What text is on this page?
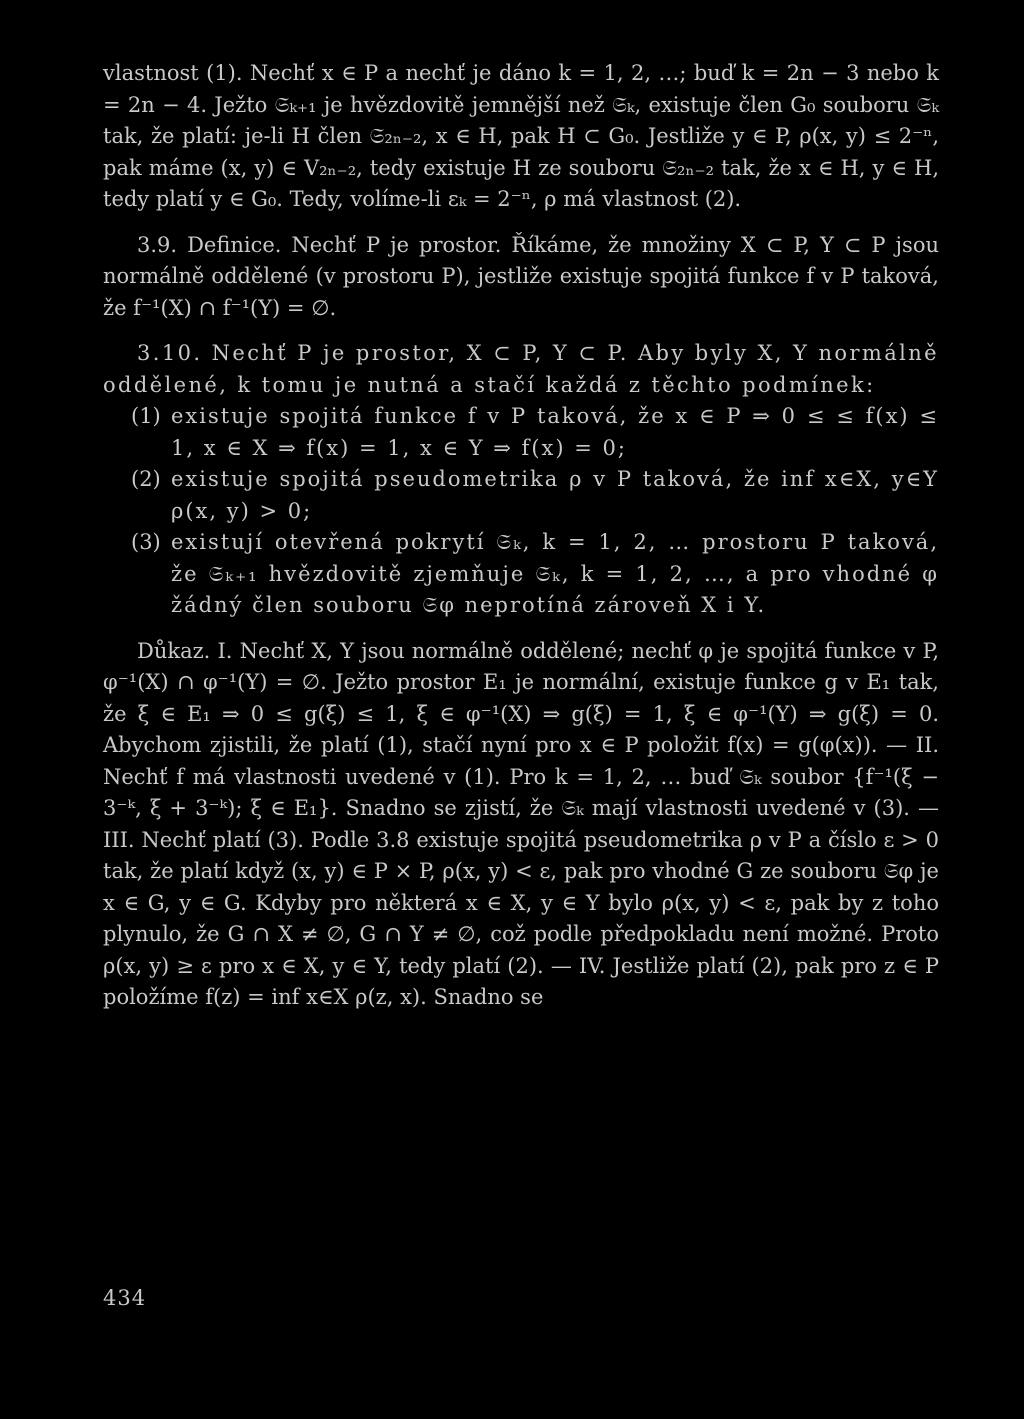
vlastnost (1). Nechť x ∈ P a nechť je dáno k = 1, 2, …; buď k = 2n − 3 nebo k = 2n − 4. Ježto 𝔖ₖ₊₁ je hvězdovitě jemnější než 𝔖ₖ, existuje člen G₀ souboru 𝔖ₖ tak, že platí: je-li H člen 𝔖₂ₙ₋₂, x ∈ H, pak H ⊂ G₀. Jestliže y ∈ P, ρ(x, y) ≤ 2⁻ⁿ, pak máme (x, y) ∈ V₂ₙ₋₂, tedy existuje H ze souboru 𝔖₂ₙ₋₂ tak, že x ∈ H, y ∈ H, tedy platí y ∈ G₀. Tedy, volíme-li εₖ = 2⁻ⁿ, ρ má vlastnost (2).

3.9. Definice. Nechť P je prostor. Říkáme, že množiny X ⊂ P, Y ⊂ P jsou normálně oddělené (v prostoru P), jestliže existuje spojitá funkce f v P taková, že f⁻¹(X) ∩ f⁻¹(Y) = ∅.

3.10. Nechť P je prostor, X ⊂ P, Y ⊂ P. Aby byly X, Y normálně oddělené, k tomu je nutná a stačí každá z těchto podmínek:

(1) existuje spojitá funkce f v P taková, že x ∈ P ⇒ 0 ≤ ≤ f(x) ≤ 1, x ∈ X ⇒ f(x) = 1, x ∈ Y ⇒ f(x) = 0;
(2) existuje spojitá pseudometrika ρ v P taková, že inf x∈X, y∈Y ρ(x, y) > 0;
(3) existují otevřená pokrytí 𝔖ₖ, k = 1, 2, … prostoru P taková, že 𝔖ₖ₊₁ hvězdovitě zjemňuje 𝔖ₖ, k = 1, 2, …, a pro vhodné φ žádný člen souboru 𝔖φ neprotíná zároveň X i Y.

Důkaz. I. Nechť X, Y jsou normálně oddělené; nechť φ je spojitá funkce v P, φ⁻¹(X) ∩ φ⁻¹(Y) = ∅. Ježto prostor E₁ je normální, existuje funkce g v E₁ tak, že ξ ∈ E₁ ⇒ 0 ≤ g(ξ) ≤ 1, ξ ∈ φ⁻¹(X) ⇒ g(ξ) = 1, ξ ∈ φ⁻¹(Y) ⇒ g(ξ) = 0. Abychom zjistili, že platí (1), stačí nyní pro x ∈ P položit f(x) = g(φ(x)). — II. Nechť f má vlastnosti uvedené v (1). Pro k = 1, 2, … buď 𝔖ₖ soubor {f⁻¹(ξ − 3⁻ᵏ, ξ + 3⁻ᵏ); ξ ∈ E₁}. Snadno se zjistí, že 𝔖ₖ mají vlastnosti uvedené v (3). — III. Nechť platí (3). Podle 3.8 existuje spojitá pseudometrika ρ v P a číslo ε > 0 tak, že platí když (x, y) ∈ P × P, ρ(x, y) < ε, pak pro vhodné G ze souboru 𝔖φ je x ∈ G, y ∈ G. Kdyby pro některá x ∈ X, y ∈ Y bylo ρ(x, y) < ε, pak by z toho plynulo, že G ∩ X ≠ ∅, G ∩ Y ≠ ∅, což podle předpokladu není možné. Proto ρ(x, y) ≥ ε pro x ∈ X, y ∈ Y, tedy platí (2). — IV. Jestliže platí (2), pak pro z ∈ P položíme f(z) = inf x∈X ρ(z, x). Snadno se

434
